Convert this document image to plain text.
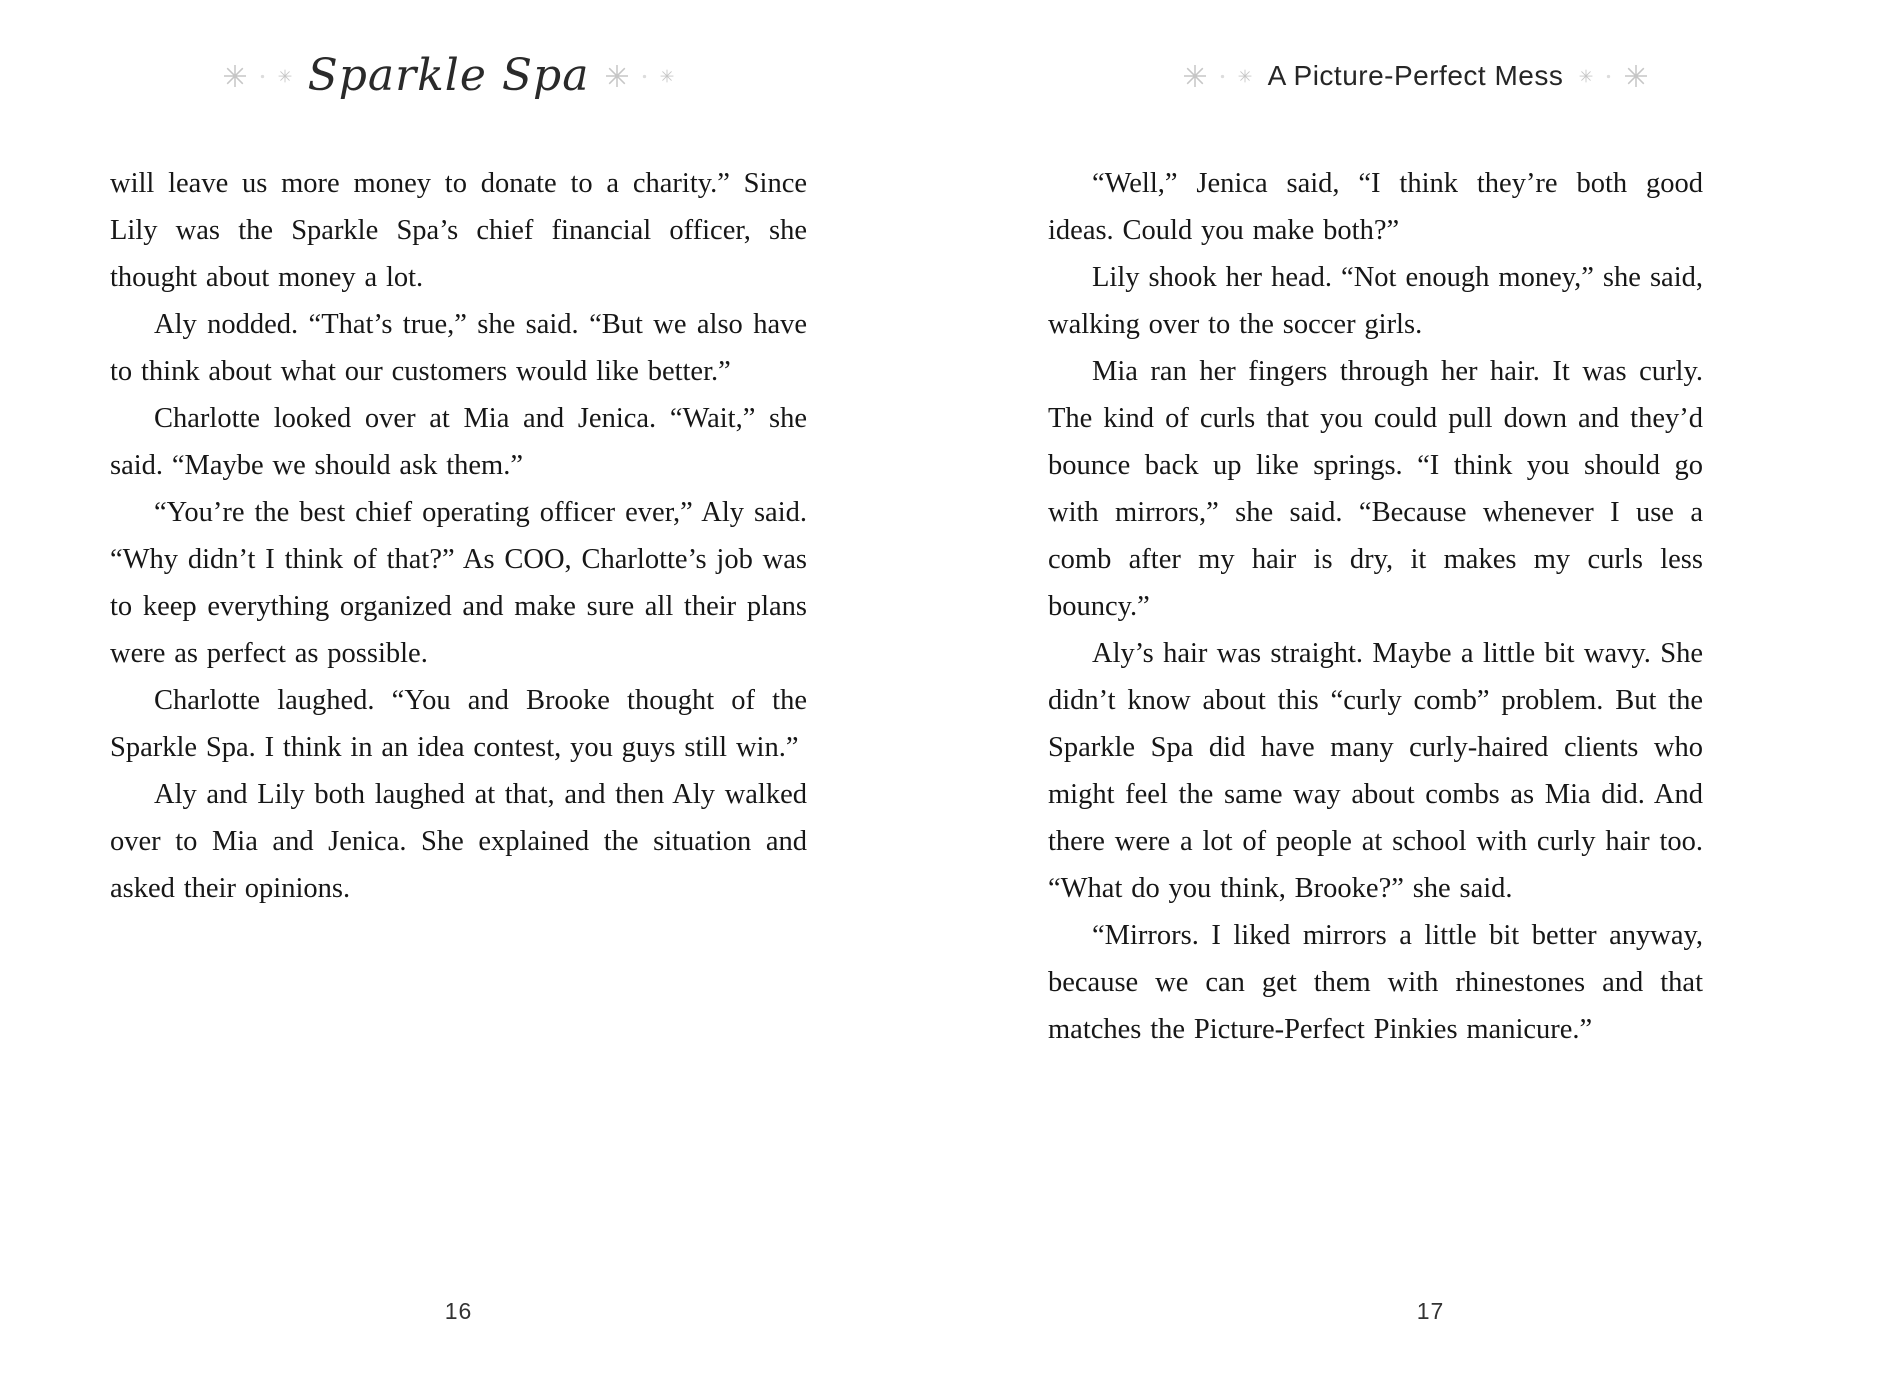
Sparkle Spa

will leave us more money to donate to a charity.” Since Lily was the Sparkle Spa’s chief financial officer, she thought about money a lot.

Aly nodded. “That’s true,” she said. “But we also have to think about what our customers would like better.”

Charlotte looked over at Mia and Jenica. “Wait,” she said. “Maybe we should ask them.”

“You’re the best chief operating officer ever,” Aly said. “Why didn’t I think of that?” As COO, Charlotte’s job was to keep everything organized and make sure all their plans were as perfect as possible.

Charlotte laughed. “You and Brooke thought of the Sparkle Spa. I think in an idea contest, you guys still win.”

Aly and Lily both laughed at that, and then Aly walked over to Mia and Jenica. She explained the situation and asked their opinions.

16
A Picture-Perfect Mess

“Well,” Jenica said, “I think they’re both good ideas. Could you make both?”

Lily shook her head. “Not enough money,” she said, walking over to the soccer girls.

Mia ran her fingers through her hair. It was curly. The kind of curls that you could pull down and they’d bounce back up like springs. “I think you should go with mirrors,” she said. “Because whenever I use a comb after my hair is dry, it makes my curls less bouncy.”

Aly’s hair was straight. Maybe a little bit wavy. She didn’t know about this “curly comb” problem. But the Sparkle Spa did have many curly-haired clients who might feel the same way about combs as Mia did. And there were a lot of people at school with curly hair too. “What do you think, Brooke?” she said.

“Mirrors. I liked mirrors a little bit better anyway, because we can get them with rhinestones and that matches the Picture-Perfect Pinkies manicure.”

17
